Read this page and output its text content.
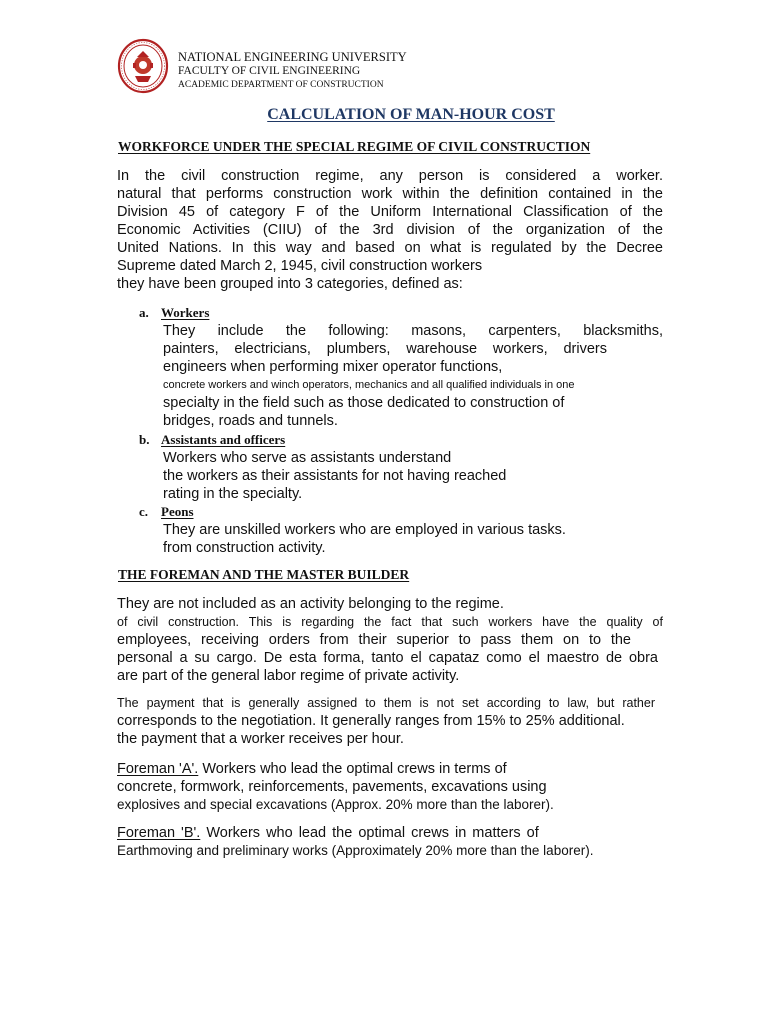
NATIONAL ENGINEERING UNIVERSITY
FACULTY OF CIVIL ENGINEERING
ACADEMIC DEPARTMENT OF CONSTRUCTION
CALCULATION OF MAN-HOUR COST
WORKFORCE UNDER THE SPECIAL REGIME OF CIVIL CONSTRUCTION
In the civil construction regime, any person is considered a worker.
natural that performs construction work within the definition contained in the
Division 45 of category F of the Uniform International Classification of the
Economic Activities (CIIU) of the 3rd division of the organization of the
United Nations. In this way and based on what is regulated by the Decree
Supreme dated March 2, 1945, civil construction workers
they have been grouped into 3 categories, defined as:
a. Workers
They include the following: masons, carpenters, blacksmiths,
painters, electricians, plumbers, warehouse workers, drivers
engineers when performing mixer operator functions,
concrete workers and winch operators, mechanics and all qualified individuals in one
specialty in the field such as those dedicated to construction of
bridges, roads and tunnels.
b. Assistants and officers
Workers who serve as assistants understand
the workers as their assistants for not having reached
rating in the specialty.
c. Peons
They are unskilled workers who are employed in various tasks.
from construction activity.
THE FOREMAN AND THE MASTER BUILDER
They are not included as an activity belonging to the regime.
of civil construction. This is regarding the fact that such workers have the quality of
employees, receiving orders from their superior to pass them on to the
personal a su cargo. De esta forma, tanto el capataz como el maestro de obra
are part of the general labor regime of private activity.
The payment that is generally assigned to them is not set according to law, but rather
corresponds to the negotiation. It generally ranges from 15% to 25% additional.
the payment that a worker receives per hour.
Foreman 'A'. Workers who lead the optimal crews in terms of
concrete, formwork, reinforcements, pavements, excavations using
explosives and special excavations (Approx. 20% more than the laborer).
Foreman 'B'. Workers who lead the optimal crews in matters of
Earthmoving and preliminary works (Approximately 20% more than the laborer).
